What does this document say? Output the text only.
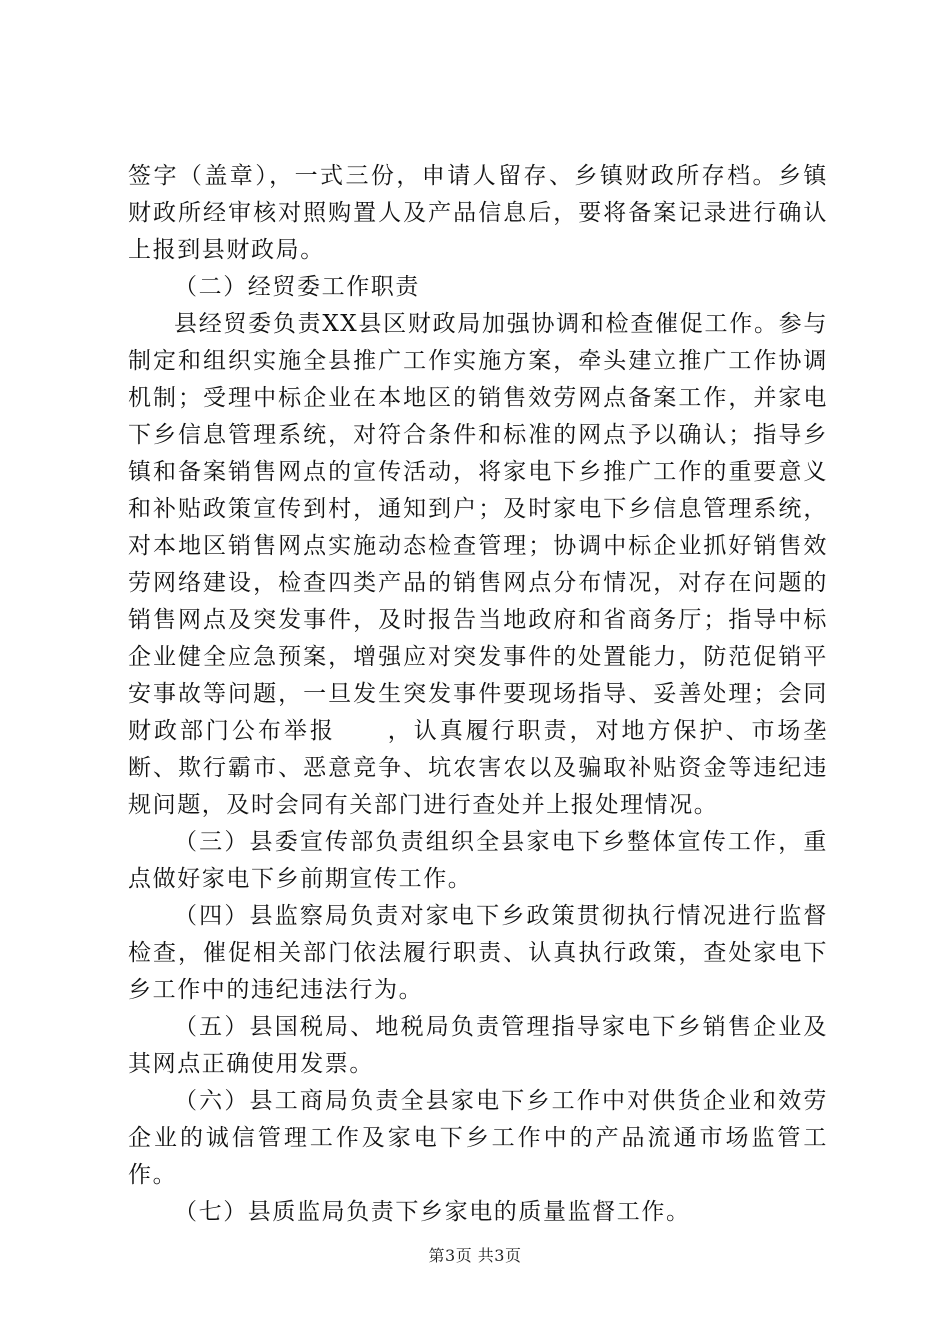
签字（盖章），一式三份，申请人留存、乡镇财政所存档。乡镇财政所经审核对照购置人及产品信息后，要将备案记录进行确认上报到县财政局。

（二）经贸委工作职责

县经贸委负责XX县区财政局加强协调和检查催促工作。参与制定和组织实施全县推广工作实施方案，牵头建立推广工作协调机制；受理中标企业在本地区的销售效劳网点备案工作，并家电下乡信息管理系统，对符合条件和标准的网点予以确认；指导乡镇和备案销售网点的宣传活动，将家电下乡推广工作的重要意义和补贴政策宣传到村，通知到户；及时家电下乡信息管理系统，对本地区销售网点实施动态检查管理；协调中标企业抓好销售效劳网络建设，检查四类产品的销售网点分布情况，对存在问题的销售网点及突发事件，及时报告当地政府和省商务厅；指导中标企业健全应急预案，增强应对突发事件的处置能力，防范促销平安事故等问题，一旦发生突发事件要现场指导、妥善处理；会同财政部门公布举报　　，认真履行职责，对地方保护、市场垄断、欺行霸市、恶意竞争、坑农害农以及骗取补贴资金等违纪违规问题，及时会同有关部门进行查处并上报处理情况。

（三）县委宣传部负责组织全县家电下乡整体宣传工作，重点做好家电下乡前期宣传工作。

（四）县监察局负责对家电下乡政策贯彻执行情况进行监督检查，催促相关部门依法履行职责、认真执行政策，查处家电下乡工作中的违纪违法行为。

（五）县国税局、地税局负责管理指导家电下乡销售企业及其网点正确使用发票。

（六）县工商局负责全县家电下乡工作中对供货企业和效劳企业的诚信管理工作及家电下乡工作中的产品流通市场监管工作。

（七）县质监局负责下乡家电的质量监督工作。

第3页 共3页
